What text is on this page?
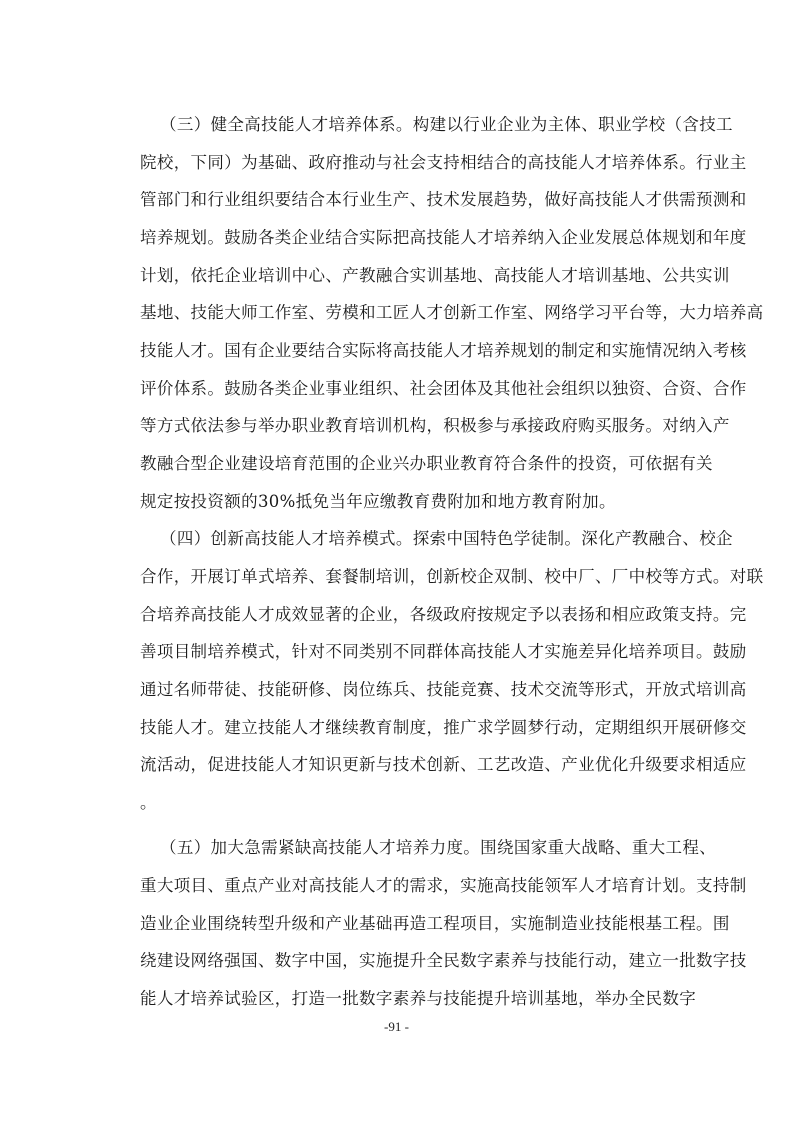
（三）健全高技能人才培养体系。构建以行业企业为主体、职业学校（含技工
院校，下同）为基础、政府推动与社会支持相结合的高技能人才培养体系。行业主
管部门和行业组织要结合本行业生产、技术发展趋势，做好高技能人才供需预测和
培养规划。鼓励各类企业结合实际把高技能人才培养纳入企业发展总体规划和年度
计划，依托企业培训中心、产教融合实训基地、高技能人才培训基地、公共实训
基地、技能大师工作室、劳模和工匠人才创新工作室、网络学习平台等，大力培养高
技能人才。国有企业要结合实际将高技能人才培养规划的制定和实施情况纳入考核
评价体系。鼓励各类企业事业组织、社会团体及其他社会组织以独资、合资、合作
等方式依法参与举办职业教育培训机构，积极参与承接政府购买服务。对纳入产
教融合型企业建设培育范围的企业兴办职业教育符合条件的投资，可依据有关
规定按投资额的30%抵免当年应缴教育费附加和地方教育附加。
（四）创新高技能人才培养模式。探索中国特色学徒制。深化产教融合、校企
合作，开展订单式培养、套餐制培训，创新校企双制、校中厂、厂中校等方式。对联
合培养高技能人才成效显著的企业，各级政府按规定予以表扬和相应政策支持。完
善项目制培养模式，针对不同类别不同群体高技能人才实施差异化培养项目。鼓励
通过名师带徒、技能研修、岗位练兵、技能竞赛、技术交流等形式，开放式培训高
技能人才。建立技能人才继续教育制度，推广求学圆梦行动，定期组织开展研修交
流活动，促进技能人才知识更新与技术创新、工艺改造、产业优化升级要求相适应
。
（五）加大急需紧缺高技能人才培养力度。围绕国家重大战略、重大工程、
重大项目、重点产业对高技能人才的需求，实施高技能领军人才培育计划。支持制
造业企业围绕转型升级和产业基础再造工程项目，实施制造业技能根基工程。围
绕建设网络强国、数字中国，实施提升全民数字素养与技能行动，建立一批数字技
能人才培养试验区，打造一批数字素养与技能提升培训基地，举办全民数字
-91 -
